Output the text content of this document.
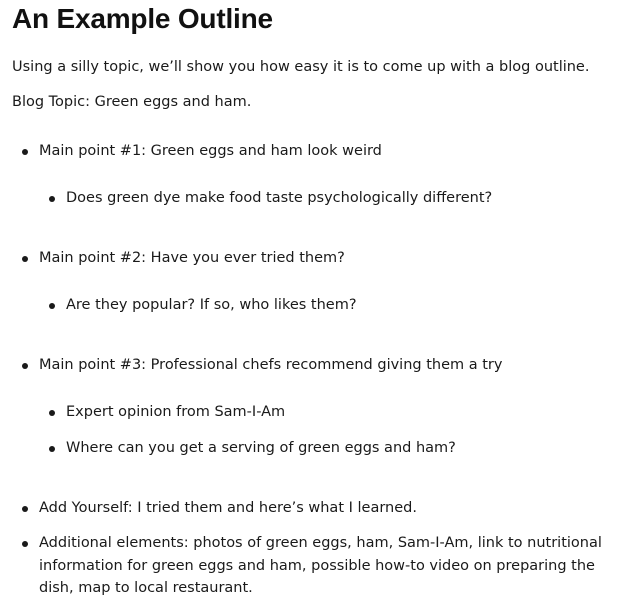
An Example Outline

Using a silly topic, we’ll show you how easy it is to come up with a blog outline.

Blog Topic: Green eggs and ham.

Main point #1: Green eggs and ham look weird
Does green dye make food taste psychologically different?
Main point #2: Have you ever tried them?
Are they popular? If so, who likes them?
Main point #3: Professional chefs recommend giving them a try
Expert opinion from Sam-I-Am
Where can you get a serving of green eggs and ham?
Add Yourself: I tried them and here’s what I learned.
Additional elements: photos of green eggs, ham, Sam-I-Am, link to nutritional information for green eggs and ham, possible how-to video on preparing the dish, map to local restaurant.
